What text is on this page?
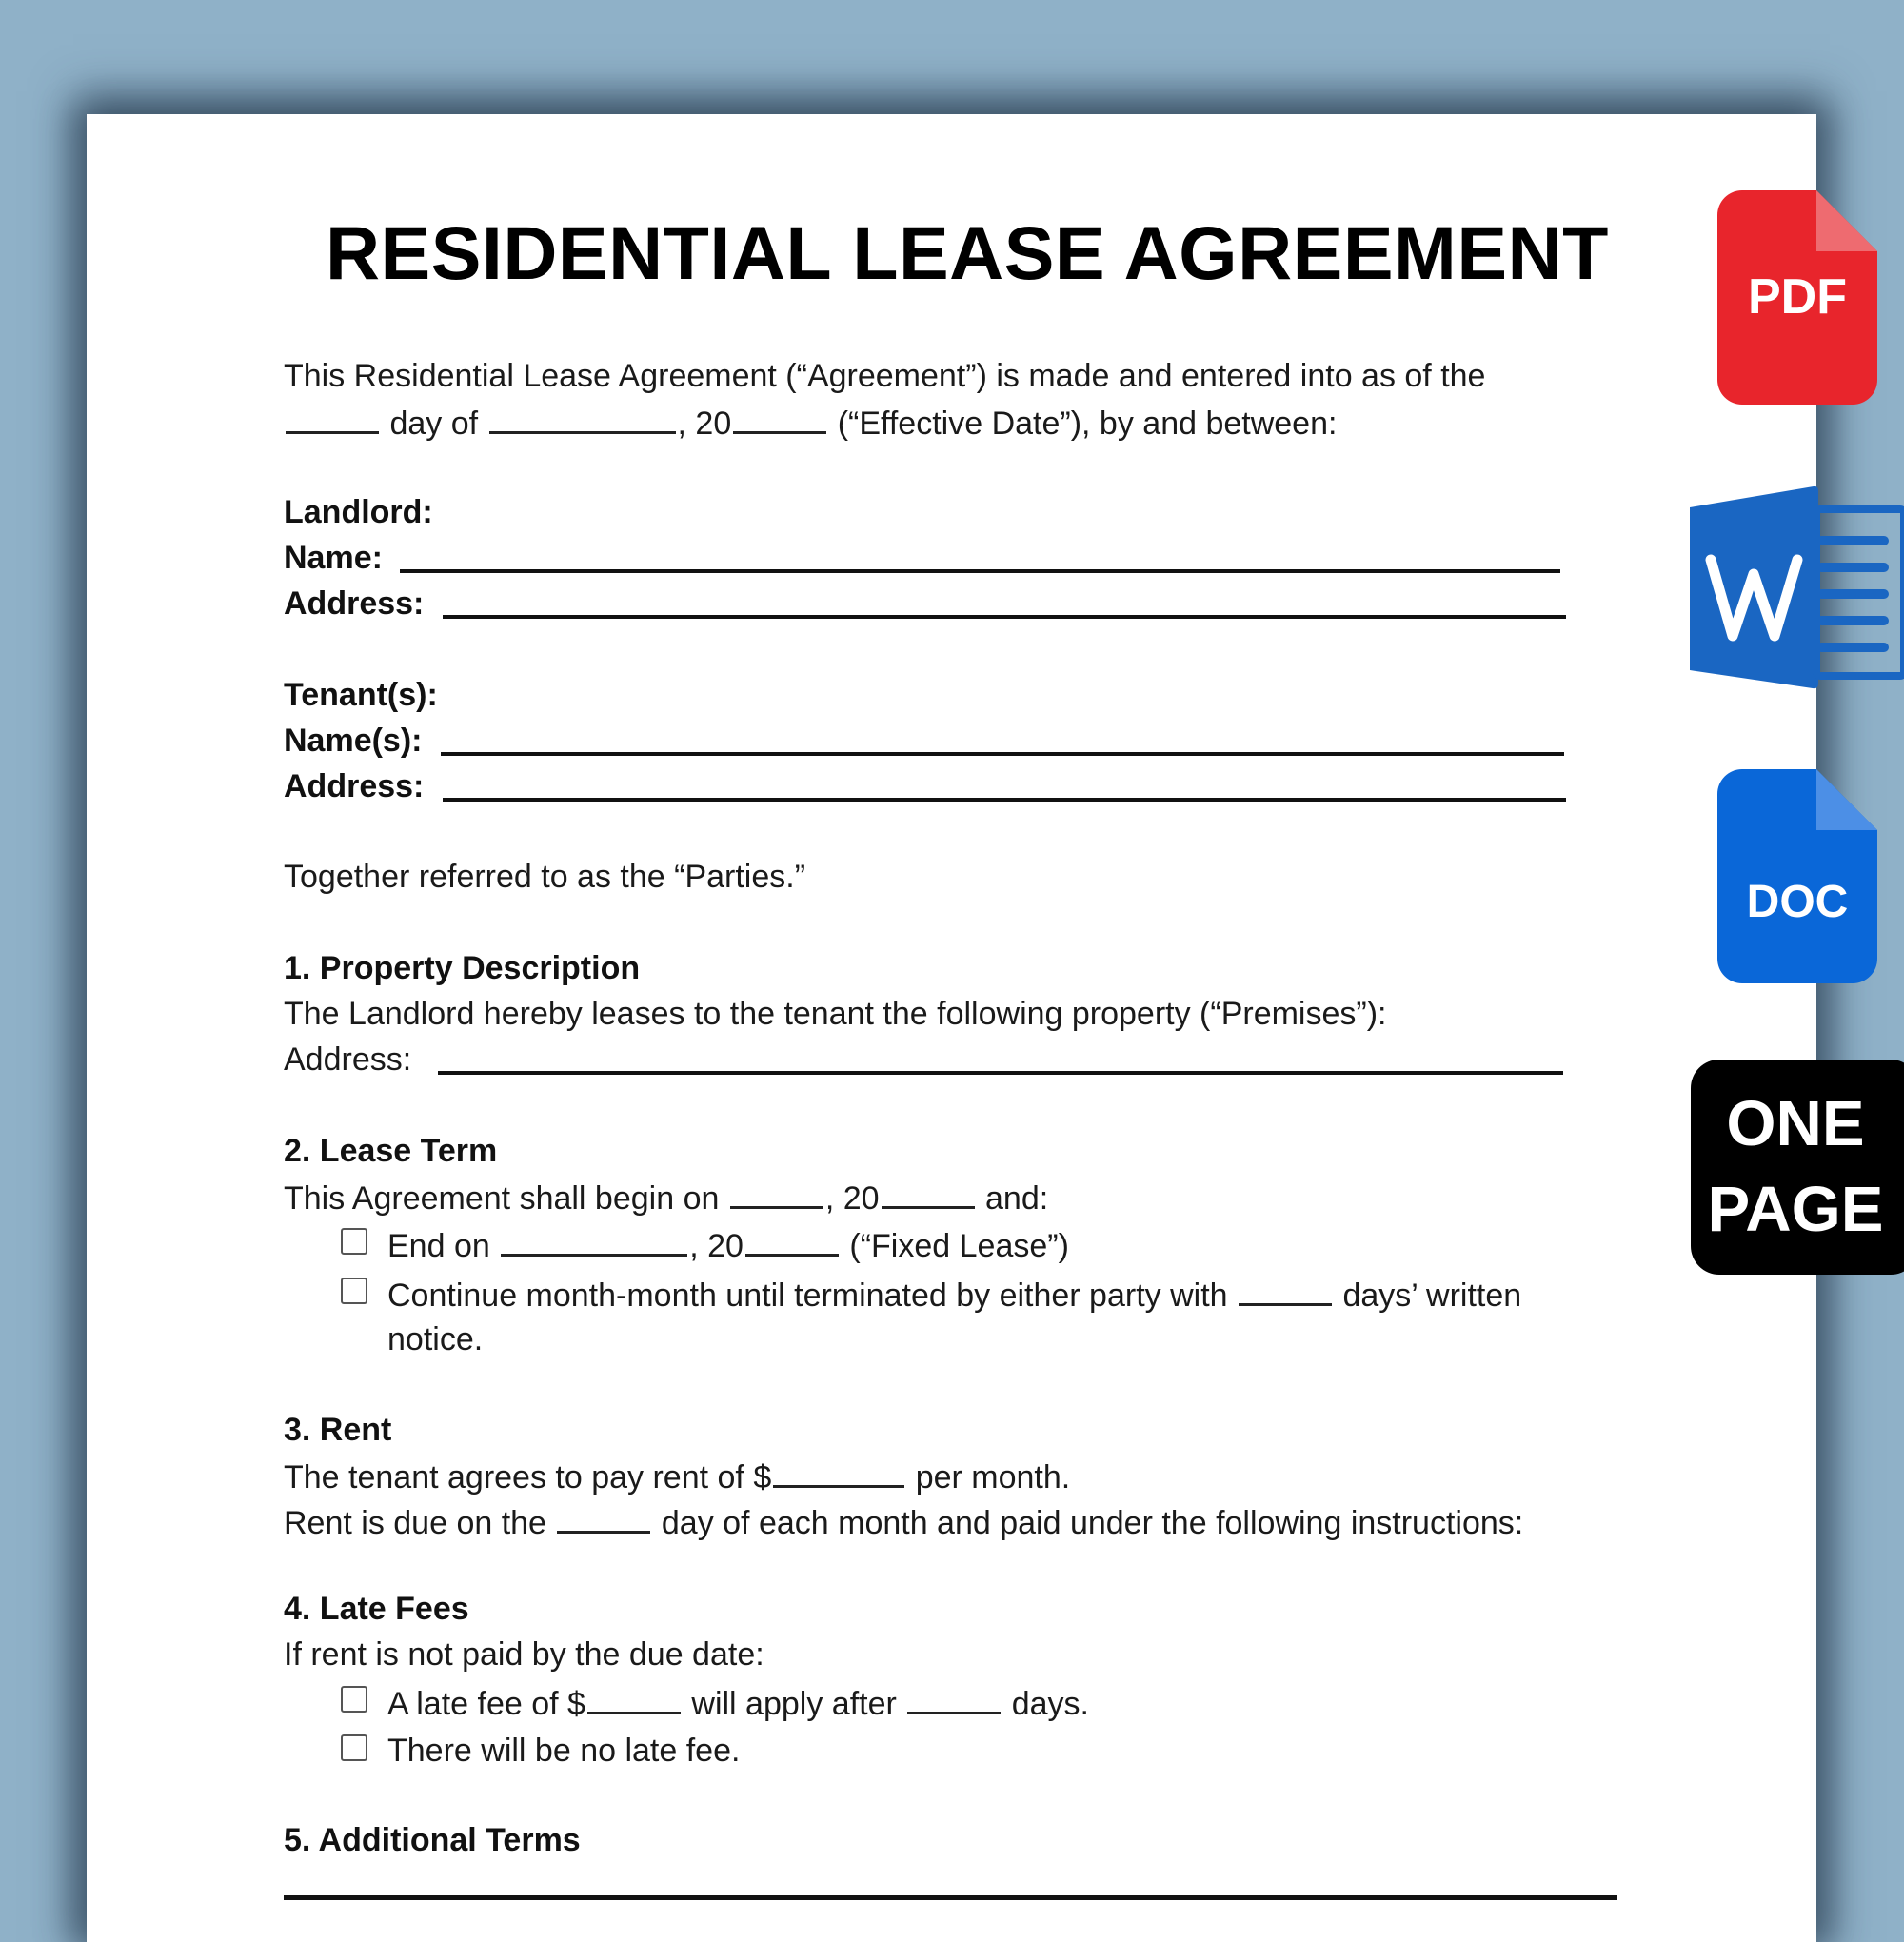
RESIDENTIAL LEASE AGREEMENT
This Residential Lease Agreement (“Agreement”) is made and entered into as of the
day of	, 20	(“Effective Date”), by and between:
Landlord:
Name:
Address:
Tenant(s):
Name(s):
Address:
Together referred to as the “Parties.”
1. Property Description
The Landlord hereby leases to the tenant the following property (“Premises”):
Address:
2. Lease Term
This Agreement shall begin on	, 20	and:
End on	, 20	(“Fixed Lease”)
Continue month-month until terminated by either party with	days’ written
notice.
3. Rent
The tenant agrees to pay rent of $	per month.
Rent is due on the	day of each month and paid under the following instructions:
4. Late Fees
If rent is not paid by the due date:
A late fee of $	will apply after	days.
There will be no late fee.
5. Additional Terms
PDF
DOC
ONE
PAGE
